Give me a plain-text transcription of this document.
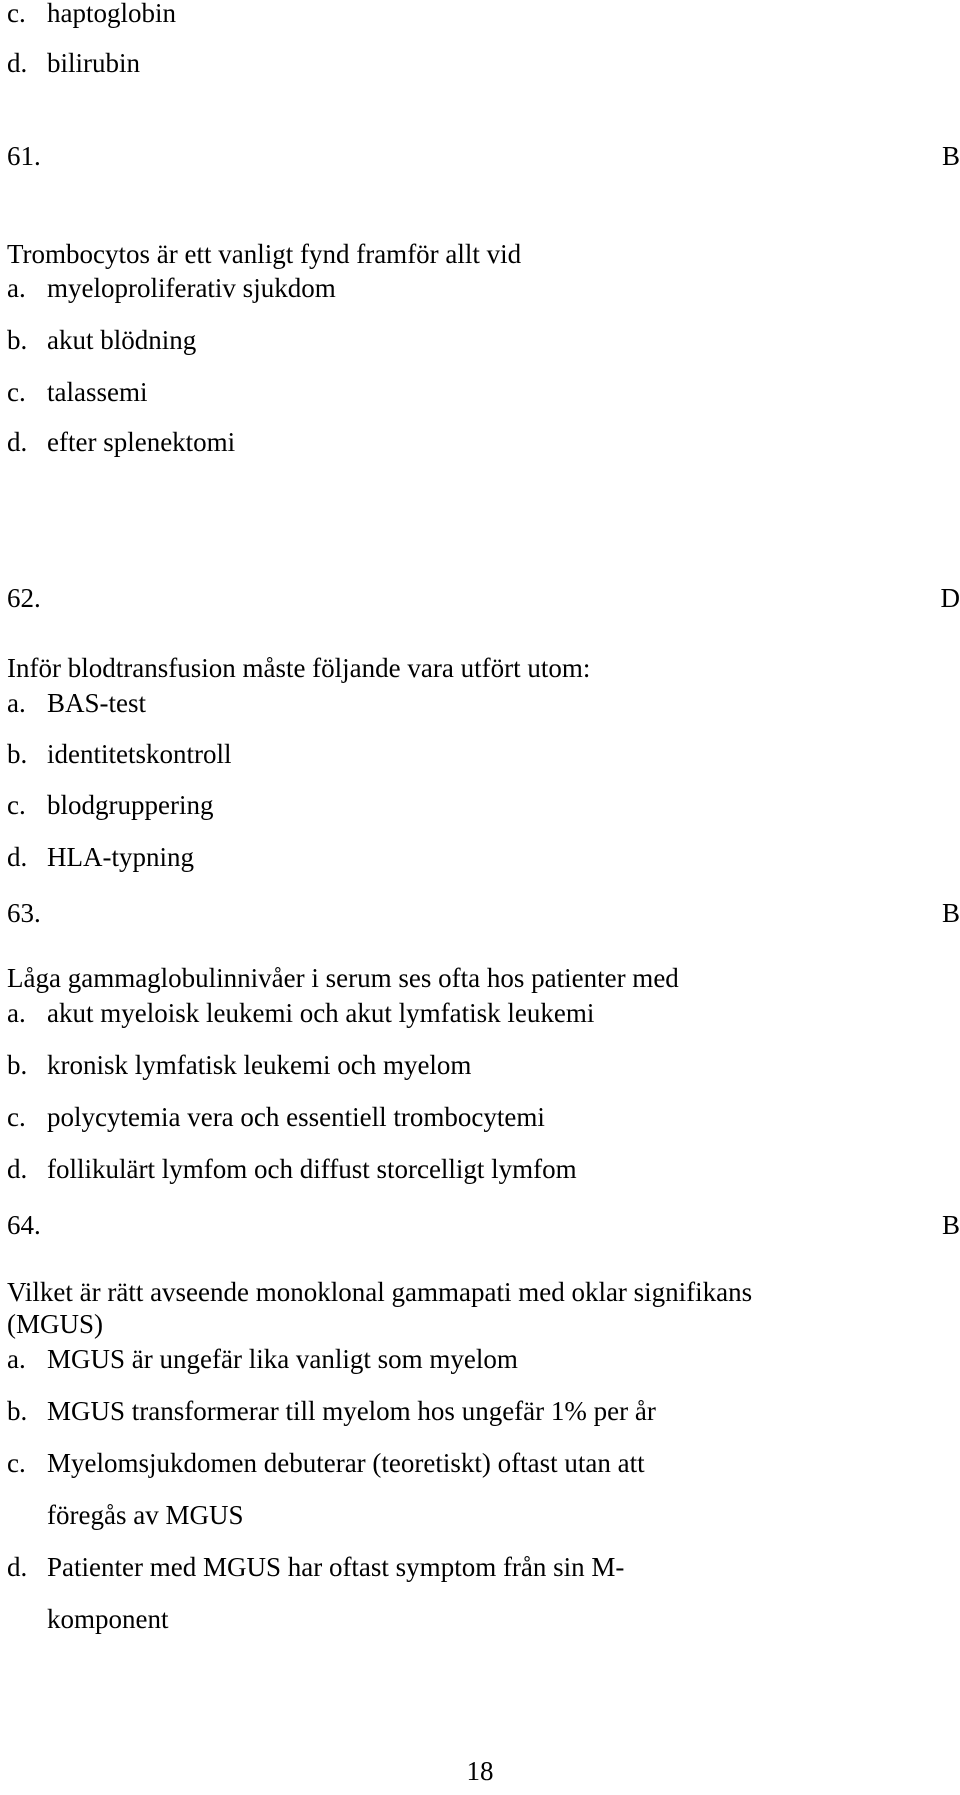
c. haptoglobin
d. bilirubin
61.	B
Trombocytos är ett vanligt fynd framför allt vid
a. myeloproliferativ sjukdom
b. akut blödning
c. talassemi
d. efter splenektomi
62.	D
Inför blodtransfusion måste följande vara utfört utom:
a. BAS-test
b. identitetskontroll
c. blodgruppering
d. HLA-typning
63.	B
Låga gammaglobulinnivåer i serum ses ofta hos patienter med
a. akut myeloisk leukemi och akut lymfatisk leukemi
b. kronisk lymfatisk leukemi och myelom
c. polycytemia vera och essentiell trombocytemi
d. follikulärt lymfom och diffust storcelligt lymfom
64.	B
Vilket är rätt avseende monoklonal gammapati med oklar signifikans
(MGUS)
a. MGUS är ungefär lika vanligt som myelom
b. MGUS transformerar till myelom hos ungefär 1% per år
c. Myelomsjukdomen debuterar (teoretiskt) oftast utan att
föregås av MGUS
d. Patienter med MGUS har oftast symptom från sin M-
komponent
18
